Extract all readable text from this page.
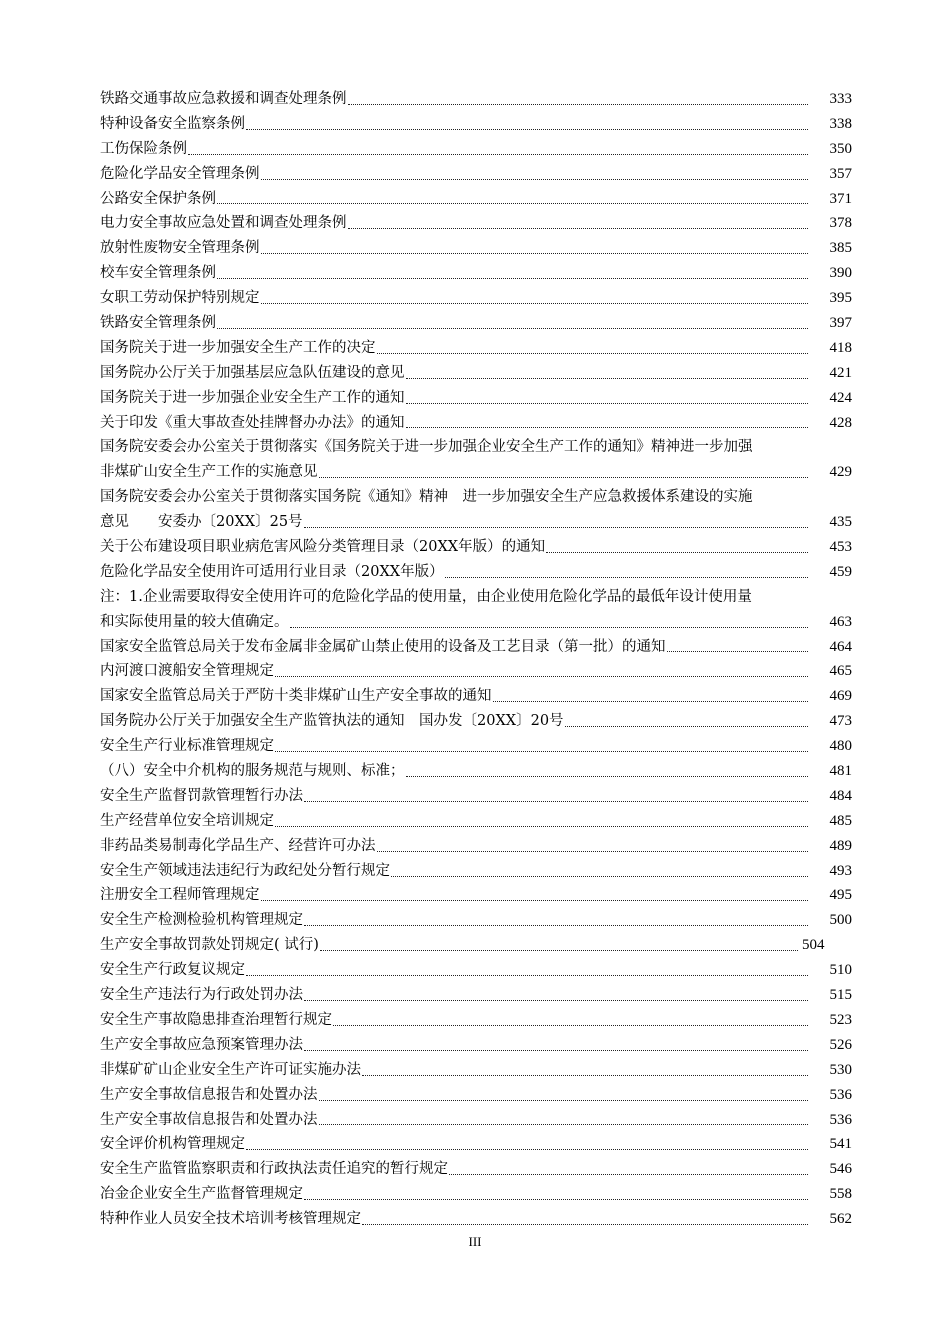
铁路交通事故应急救援和调查处理条例	333
特种设备安全监察条例	338
工伤保险条例	350
危险化学品安全管理条例	357
公路安全保护条例	371
电力安全事故应急处置和调查处理条例	378
放射性废物安全管理条例	385
校车安全管理条例	390
女职工劳动保护特别规定	395
铁路安全管理条例	397
国务院关于进一步加强安全生产工作的决定	418
国务院办公厅关于加强基层应急队伍建设的意见	421
国务院关于进一步加强企业安全生产工作的通知	424
关于印发《重大事故查处挂牌督办办法》的通知	428
国务院安委会办公室关于贯彻落实《国务院关于进一步加强企业安全生产工作的通知》精神进一步加强
非煤矿山安全生产工作的实施意见	429
国务院安委会办公室关于贯彻落实国务院《通知》精神　进一步加强安全生产应急救援体系建设的实施
意见　　安委办〔20XX〕25号	435
关于公布建设项目职业病危害风险分类管理目录（20XX年版）的通知	453
危险化学品安全使用许可适用行业目录（20XX年版）	459
注：1.企业需要取得安全使用许可的危险化学品的使用量，由企业使用危险化学品的最低年设计使用量
和实际使用量的较大值确定。	463
国家安全监管总局关于发布金属非金属矿山禁止使用的设备及工艺目录（第一批）的通知	464
内河渡口渡船安全管理规定	465
国家安全监管总局关于严防十类非煤矿山生产安全事故的通知	469
国务院办公厅关于加强安全生产监管执法的通知　国办发〔20XX〕20号	473
安全生产行业标准管理规定	480
（八）安全中介机构的服务规范与规则、标准；	481
安全生产监督罚款管理暂行办法	484
生产经营单位安全培训规定	485
非药品类易制毒化学品生产、经营许可办法	489
安全生产领域违法违纪行为政纪处分暂行规定	493
注册安全工程师管理规定	495
安全生产检测检验机构管理规定	500
生产安全事故罚款处罚规定( 试行)	504
安全生产行政复议规定	510
安全生产违法行为行政处罚办法	515
安全生产事故隐患排查治理暂行规定	523
生产安全事故应急预案管理办法	526
非煤矿矿山企业安全生产许可证实施办法	530
生产安全事故信息报告和处置办法	536
生产安全事故信息报告和处置办法	536
安全评价机构管理规定	541
安全生产监管监察职责和行政执法责任追究的暂行规定	546
冶金企业安全生产监督管理规定	558
特种作业人员安全技术培训考核管理规定	562
III
